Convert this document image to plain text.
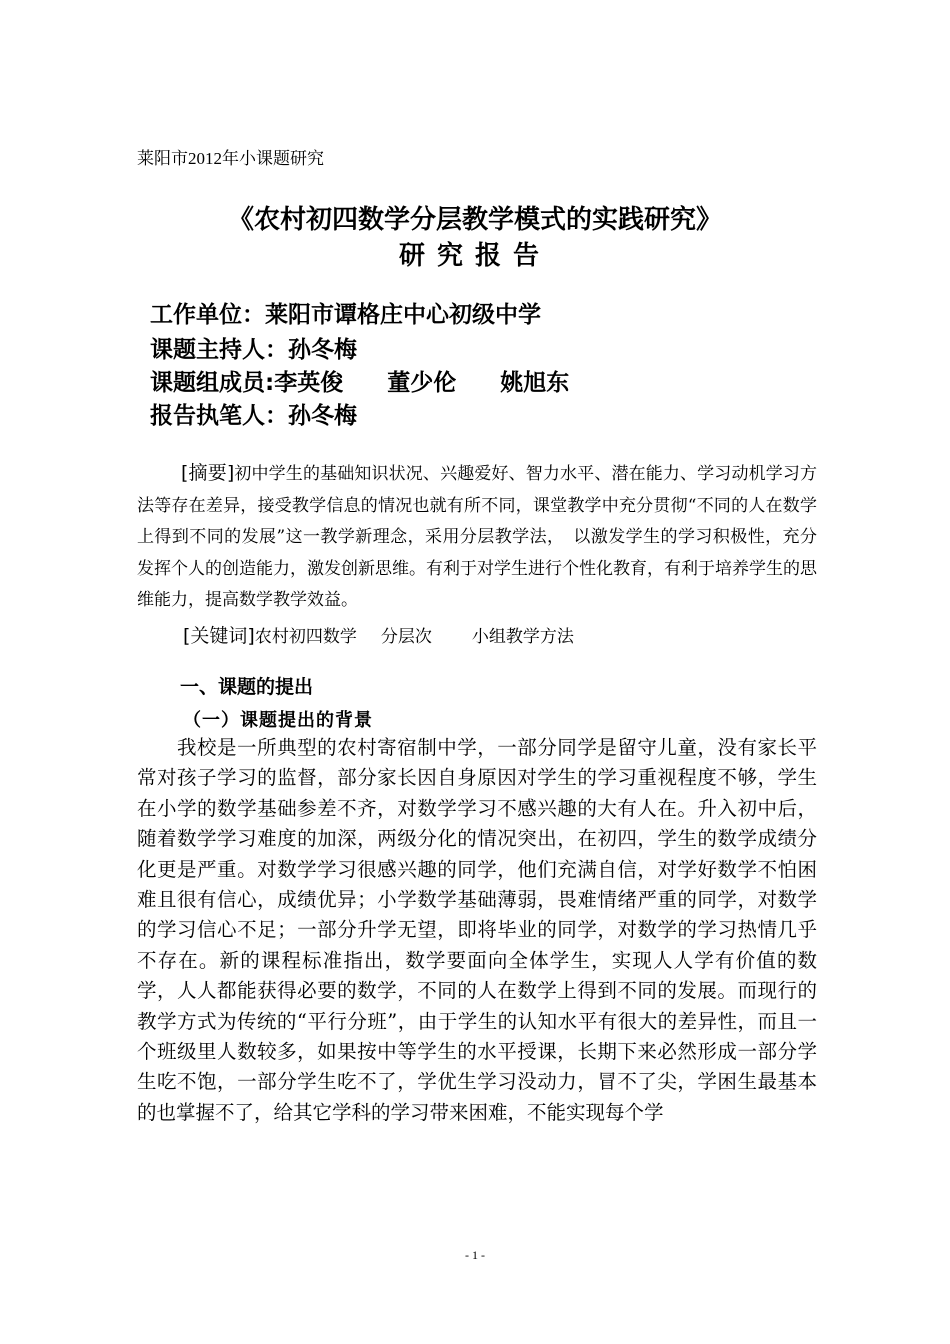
莱阳市2012年小课题研究
《农村初四数学分层教学模式的实践研究》
研究报告
工作单位：莱阳市谭格庄中心初级中学
课题主持人：孙冬梅
课题组成员:李英俊 董少伦 姚旭东
报告执笔人：孙冬梅
[摘要]初中学生的基础知识状况、兴趣爱好、智力水平、潜在能力、学习动机学习方法等存在差异，接受教学信息的情况也就有所不同，课堂教学中充分贯彻“不同的人在数学上得到不同的发展”这一教学新理念，采用分层教学法，　以激发学生的学习积极性，充分发挥个人的创造能力，激发创新思维。有利于对学生进行个性化教育，有利于培养学生的思维能力，提高数学教学效益。
[关键词]农村初四数学 分层次 小组教学方法
一、课题的提出
（一）课题提出的背景
我校是一所典型的农村寄宿制中学，一部分同学是留守儿童，没有家长平常对孩子学习的监督，部分家长因自身原因对学生的学习重视程度不够，学生在小学的数学基础参差不齐，对数学学习不感兴趣的大有人在。升入初中后，随着数学学习难度的加深，两级分化的情况突出，在初四，学生的数学成绩分化更是严重。对数学学习很感兴趣的同学，他们充满自信，对学好数学不怕困难且很有信心，成绩优异；小学数学基础薄弱，畏难情绪严重的同学，对数学的学习信心不足；一部分升学无望，即将毕业的同学，对数学的学习热情几乎不存在。新的课程标准指出，数学要面向全体学生，实现人人学有价值的数学，人人都能获得必要的数学，不同的人在数学上得到不同的发展。而现行的教学方式为传统的“平行分班”，由于学生的认知水平有很大的差异性，而且一个班级里人数较多，如果按中等学生的水平授课，长期下来必然形成一部分学生吃不饱，一部分学生吃不了，学优生学习没动力，冒不了尖，学困生最基本的也掌握不了，给其它学科的学习带来困难，不能实现每个学
- 1 -
